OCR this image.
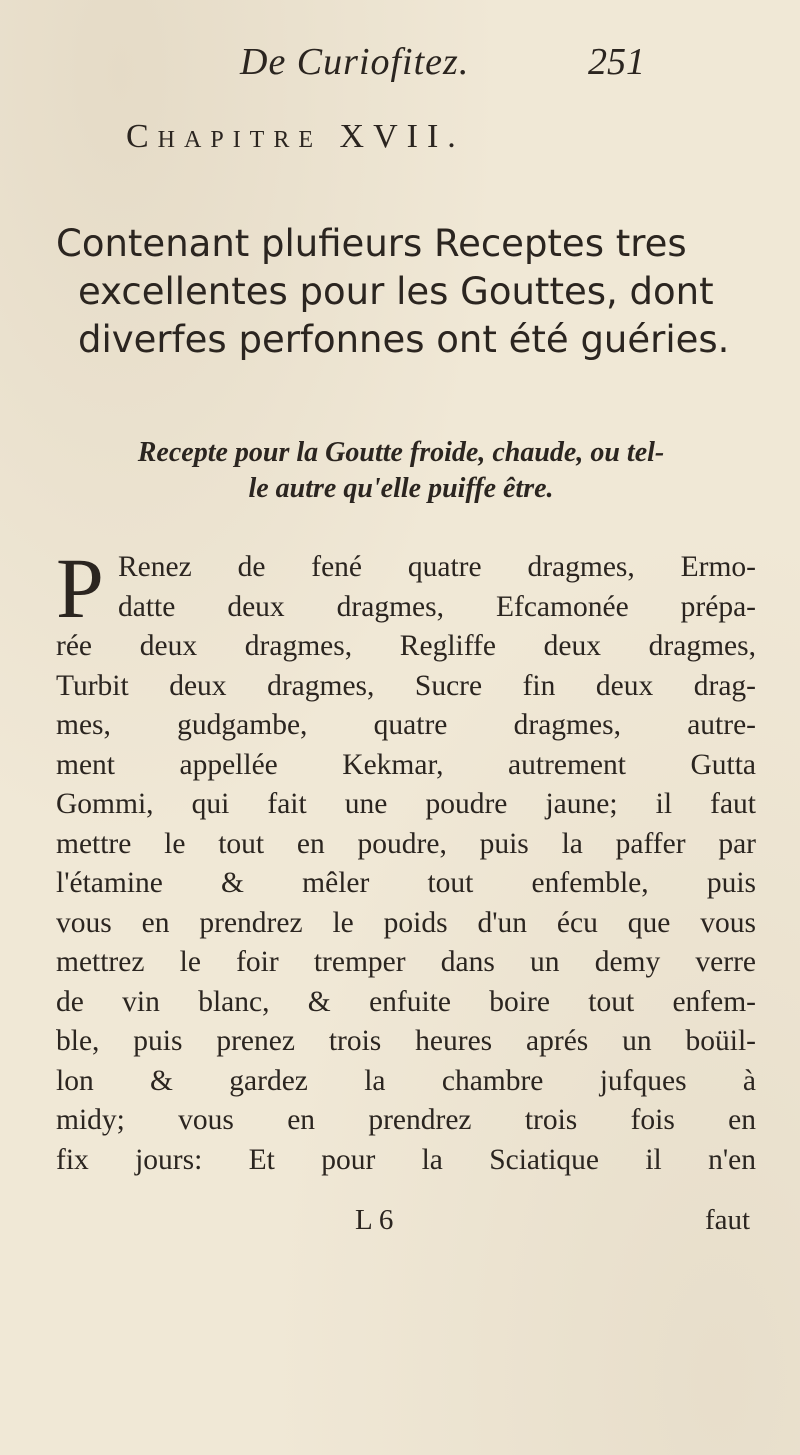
De Curiofitez.	251
Chapitre XVII.
Contenant plufieurs Receptes tres excellentes pour les Gouttes, dont diverfes perfonnes ont été guéries.
Recepte pour la Goutte froide, chaude, ou tel-
le autre qu'elle puiffe être.
P Renez de fené quatre dragmes, Ermo-
datte deux dragmes, Efcamonée prépa-
rée deux dragmes, Regliffe deux dragmes,
Turbit deux dragmes, Sucre fin deux drag-
mes, gudgambe, quatre dragmes, autre-
ment appellée Kekmar, autrement Gutta
Gommi, qui fait une poudre jaune; il faut
mettre le tout en poudre, puis la paffer par
l'étamine & mêler tout enfemble, puis
vous en prendrez le poids d'un écu que vous
mettrez le foir tremper dans un demy verre
de vin blanc, & enfuite boire tout enfem-
ble, puis prenez trois heures aprés un boüil-
lon & gardez la chambre jufques à
midy; vous en prendrez trois fois en
fix jours: Et pour la Sciatique il n'en
L 6	faut
